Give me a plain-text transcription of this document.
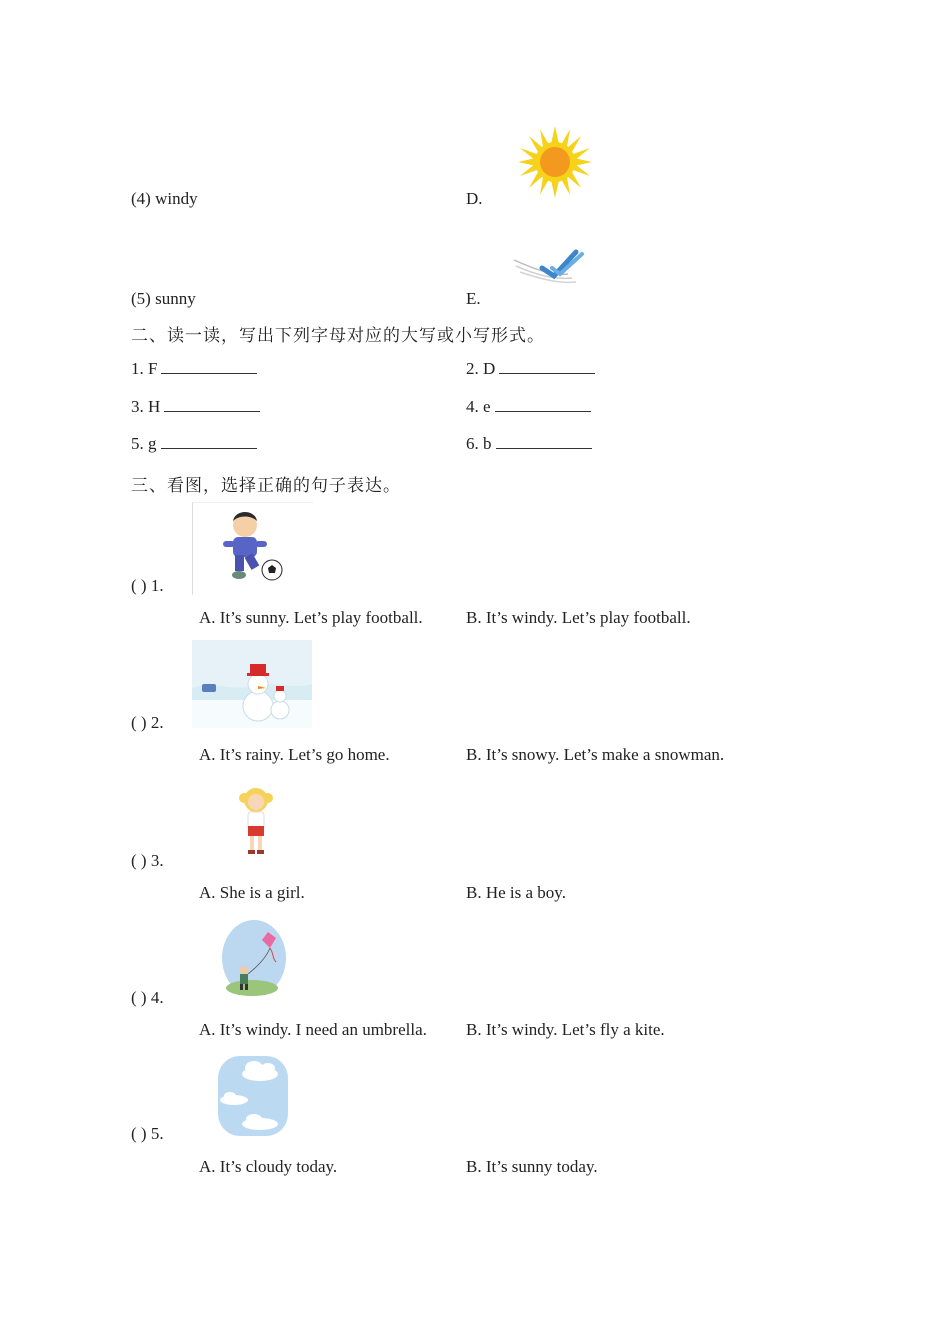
(4) windy	D.
(5) sunny	E.
二、读一读，写出下列字母对应的大写或小写形式。
1. F	2. D
3. H	4. e
5. g	6. b
三、看图，选择正确的句子表达。
( ) 1.
A. It’s sunny. Let’s play football.	B. It’s windy. Let’s play football.
( ) 2.
A. It’s rainy. Let’s go home.	B. It’s snowy. Let’s make a snowman.
( ) 3.
A. She is a girl.	B. He is a boy.
( ) 4.
A. It’s windy. I need an umbrella. B. It’s windy. Let’s fly a kite.
( ) 5.
A. It’s cloudy today.	B. It’s sunny today.
